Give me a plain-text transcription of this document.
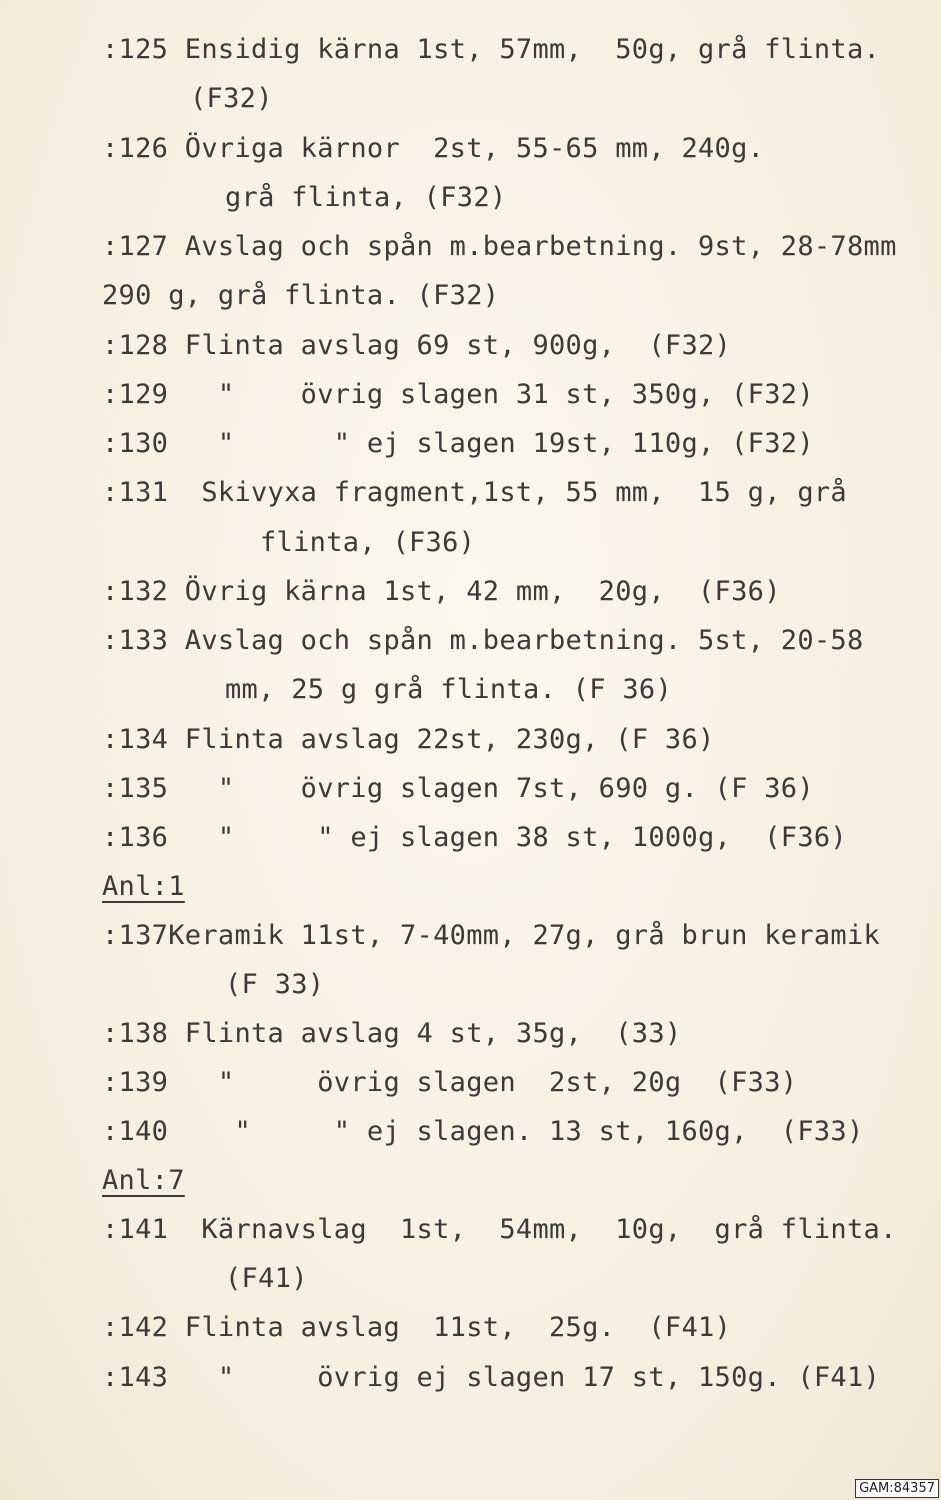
:125 Ensidig kärna 1st, 57mm,  50g, grå flinta.
(F32)
:126 Övriga kärnor  2st, 55-65 mm, 240g.
grå flinta, (F32)
:127 Avslag och spån m.bearbetning. 9st, 28-78mm
290 g, grå flinta. (F32)
:128 Flinta avslag 69 st, 900g,  (F32)
:129   "    övrig slagen 31 st, 350g, (F32)
:130   "      " ej slagen 19st, 110g, (F32)
:131  Skivyxa fragment,1st, 55 mm,  15 g, grå
flinta, (F36)
:132 Övrig kärna 1st, 42 mm,  20g,  (F36)
:133 Avslag och spån m.bearbetning. 5st, 20-58
mm, 25 g grå flinta. (F 36)
:134 Flinta avslag 22st, 230g, (F 36)
:135   "    övrig slagen 7st, 690 g. (F 36)
:136   "     " ej slagen 38 st, 1000g,  (F36)
Anl:1
:137Keramik 11st, 7-40mm, 27g, grå brun keramik
(F 33)
:138 Flinta avslag 4 st, 35g,  (33)
:139   "     övrig slagen  2st, 20g  (F33)
:140    "     " ej slagen. 13 st, 160g,  (F33)
Anl:7
:141  Kärnavslag  1st,  54mm,  10g,  grå flinta.
(F41)
:142 Flinta avslag  11st,  25g.  (F41)
:143   "     övrig ej slagen 17 st, 150g. (F41)
GAM:84357
